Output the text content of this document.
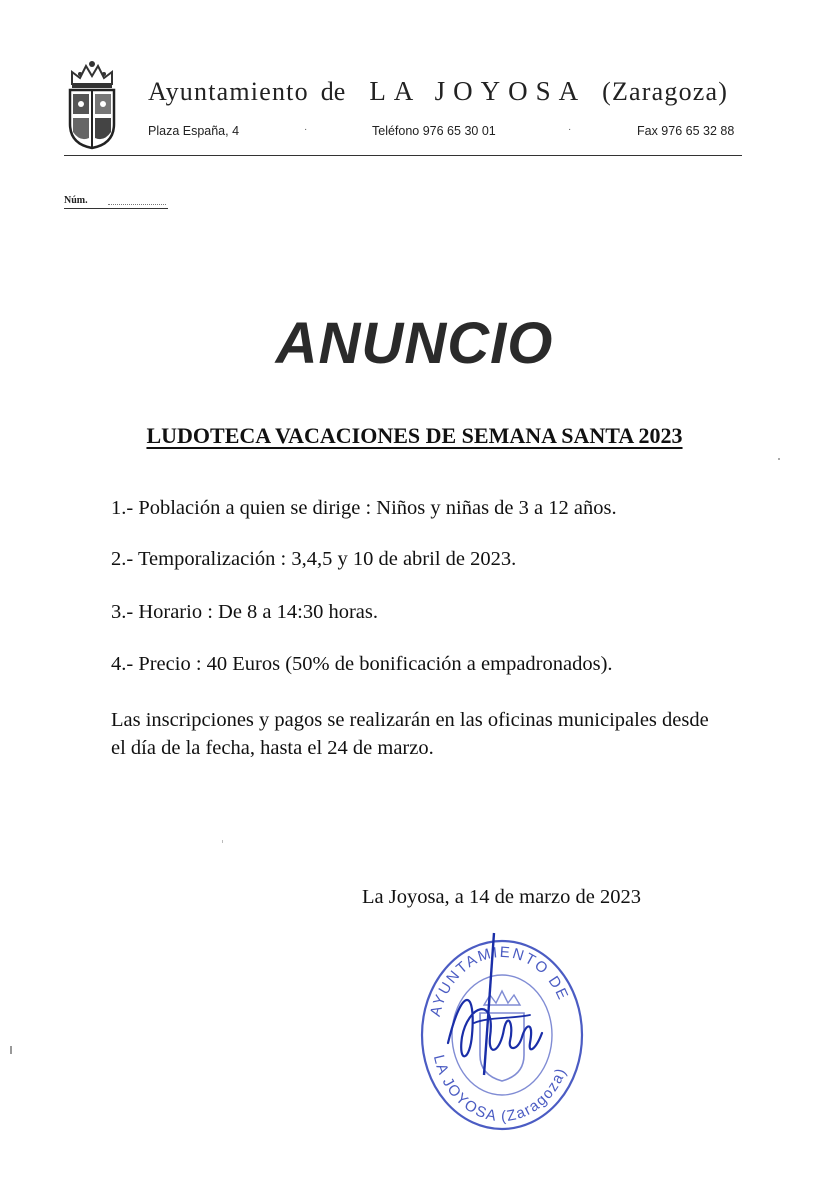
Ayuntamiento de LA JOYOSA (Zaragoza)
Plaza España, 4	·	Teléfono 976 65 30 01	·	Fax 976 65 32 88
Núm.
ANUNCIO
LUDOTECA VACACIONES DE SEMANA SANTA 2023
1.- Población a quien se dirige : Niños y niñas de 3 a 12 años.
2.- Temporalización : 3,4,5 y 10 de abril de 2023.
3.- Horario : De 8 a 14:30 horas.
4.- Precio : 40 Euros (50% de bonificación a empadronados).
Las inscripciones y pagos se realizarán en las oficinas municipales desde
el día de la fecha, hasta el 24 de marzo.
La Joyosa, a 14 de marzo de 2023
AYUNTAMIENTO DE
LA JOYOSA (Zaragoza)
